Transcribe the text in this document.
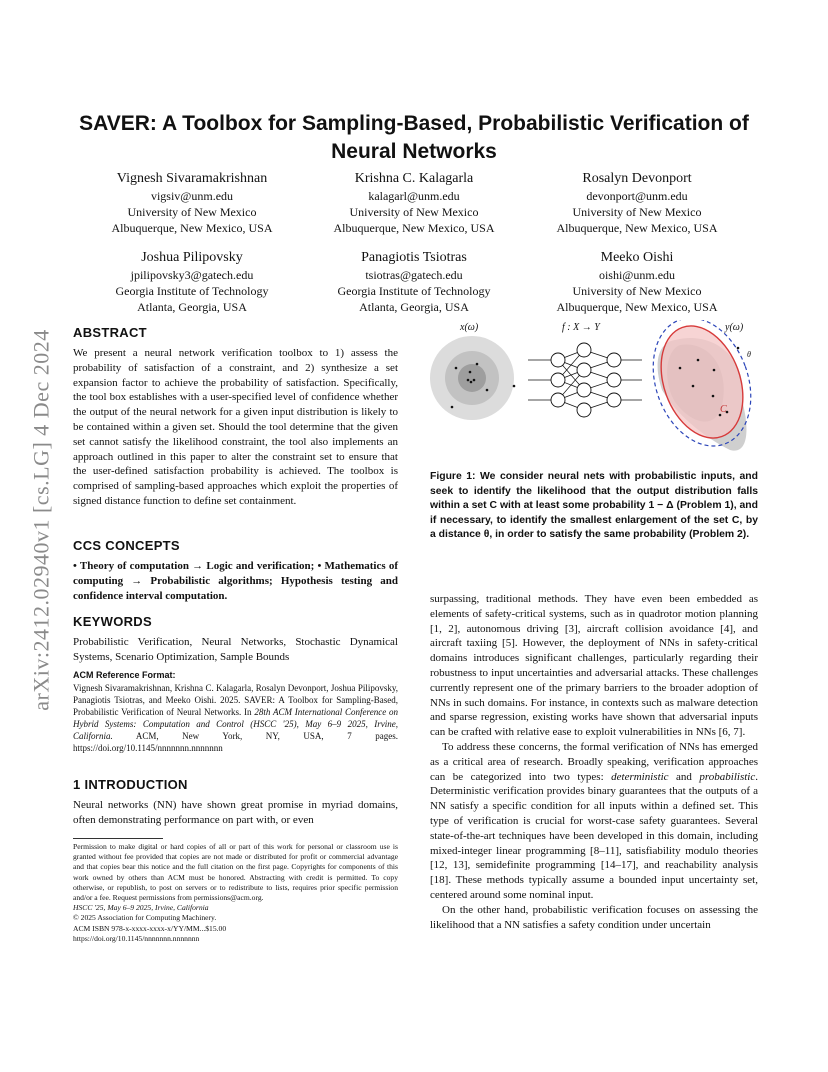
arXiv:2412.02940v1 [cs.LG] 4 Dec 2024
SAVER: A Toolbox for Sampling-Based, Probabilistic Verification of Neural Networks
Vignesh Sivaramakrishnan
vigsiv@unm.edu
University of New Mexico
Albuquerque, New Mexico, USA
Krishna C. Kalagarla
kalagarl@unm.edu
University of New Mexico
Albuquerque, New Mexico, USA
Rosalyn Devonport
devonport@unm.edu
University of New Mexico
Albuquerque, New Mexico, USA
Joshua Pilipovsky
jpilipovsky3@gatech.edu
Georgia Institute of Technology
Atlanta, Georgia, USA
Panagiotis Tsiotras
tsiotras@gatech.edu
Georgia Institute of Technology
Atlanta, Georgia, USA
Meeko Oishi
oishi@unm.edu
University of New Mexico
Albuquerque, New Mexico, USA
ABSTRACT

We present a neural network verification toolbox to 1) assess the probability of satisfaction of a constraint, and 2) synthesize a set expansion factor to achieve the probability of satisfaction. Specifically, the tool box establishes with a user-specified level of confidence whether the output of the neural network for a given input distribution is likely to be contained within a given set. Should the tool determine that the given set cannot satisfy the likelihood constraint, the tool also implements an approach outlined in this paper to alter the constraint set to ensure that the user-defined satisfaction probability is achieved. The toolbox is comprised of sampling-based approaches which exploit the properties of signed distance function to define set containment.

CCS CONCEPTS

• Theory of computation → Logic and verification; • Mathematics of computing → Probabilistic algorithms; Hypothesis testing and confidence interval computation.

KEYWORDS

Probabilistic Verification, Neural Networks, Stochastic Dynamical Systems, Scenario Optimization, Sample Bounds

ACM Reference Format:

Vignesh Sivaramakrishnan, Krishna C. Kalagarla, Rosalyn Devonport, Joshua Pilipovsky, Panagiotis Tsiotras, and Meeko Oishi. 2025. SAVER: A Toolbox for Sampling-Based, Probabilistic Verification of Neural Networks. In 28th ACM International Conference on Hybrid Systems: Computation and Control (HSCC '25), May 6–9 2025, Irvine, California. ACM, New York, NY, USA, 7 pages. https://doi.org/10.1145/nnnnnnn.nnnnnnn

1 INTRODUCTION

Neural networks (NN) have shown great promise in myriad domains, often demonstrating performance on part with, or even

Permission to make digital or hard copies of all or part of this work for personal or classroom use is granted without fee provided that copies are not made or distributed for profit or commercial advantage and that copies bear this notice and the full citation on the first page. Copyrights for components of this work owned by others than ACM must be honored. Abstracting with credit is permitted. To copy otherwise, or republish, to post on servers or to redistribute to lists, requires prior specific permission and/or a fee. Request permissions from permissions@acm.org.

HSCC '25, May 6–9 2025, Irvine, California
© 2025 Association for Computing Machinery.
ACM ISBN 978-x-xxxx-xxxx-x/YY/MM...$15.00
https://doi.org/10.1145/nnnnnnn.nnnnnnn
x(ω)	f : X → Y	y(ω)
C
θ
Figure 1: We consider neural nets with probabilistic inputs, and seek to identify the likelihood that the output distribution falls within a set C with at least some probability 1 − Δ (Problem 1), and if necessary, to identify the smallest enlargement of the set C, by a distance θ, in order to satisfy the same probability (Problem 2).

surpassing, traditional methods. They have even been embedded as elements of safety-critical systems, such as in quadrotor motion planning [1, 2], autonomous driving [3], aircraft collision avoidance [4], and aircraft taxiing [5]. However, the deployment of NNs in safety-critical domains introduces significant challenges, particularly regarding their robustness to input uncertainties and adversarial attacks. These challenges currently represent one of the primary barriers to the broader adoption of NNs in such domains. For instance, in contexts such as malware detection and sparse regression, existing works have shown that adversarial inputs can be crafted with relative ease to exploit vulnerabilities in NNs [6, 7].

To address these concerns, the formal verification of NNs has emerged as a critical area of research. Broadly speaking, verification approaches can be categorized into two types: deterministic and probabilistic. Deterministic verification provides binary guarantees that the outputs of a NN satisfy a specific condition for all inputs within a defined set. This type of verification is crucial for worst-case safety guarantees. Several state-of-the-art techniques have been developed in this domain, including mixed-integer linear programming [8–11], satisfiability modulo theories [12, 13], semidefinite programming [14–17], and reachability analysis [18]. These methods typically assume a bounded input uncertainty set, centered around some nominal input.

On the other hand, probabilistic verification focuses on assessing the likelihood that a NN satisfies a safety condition under uncertain
